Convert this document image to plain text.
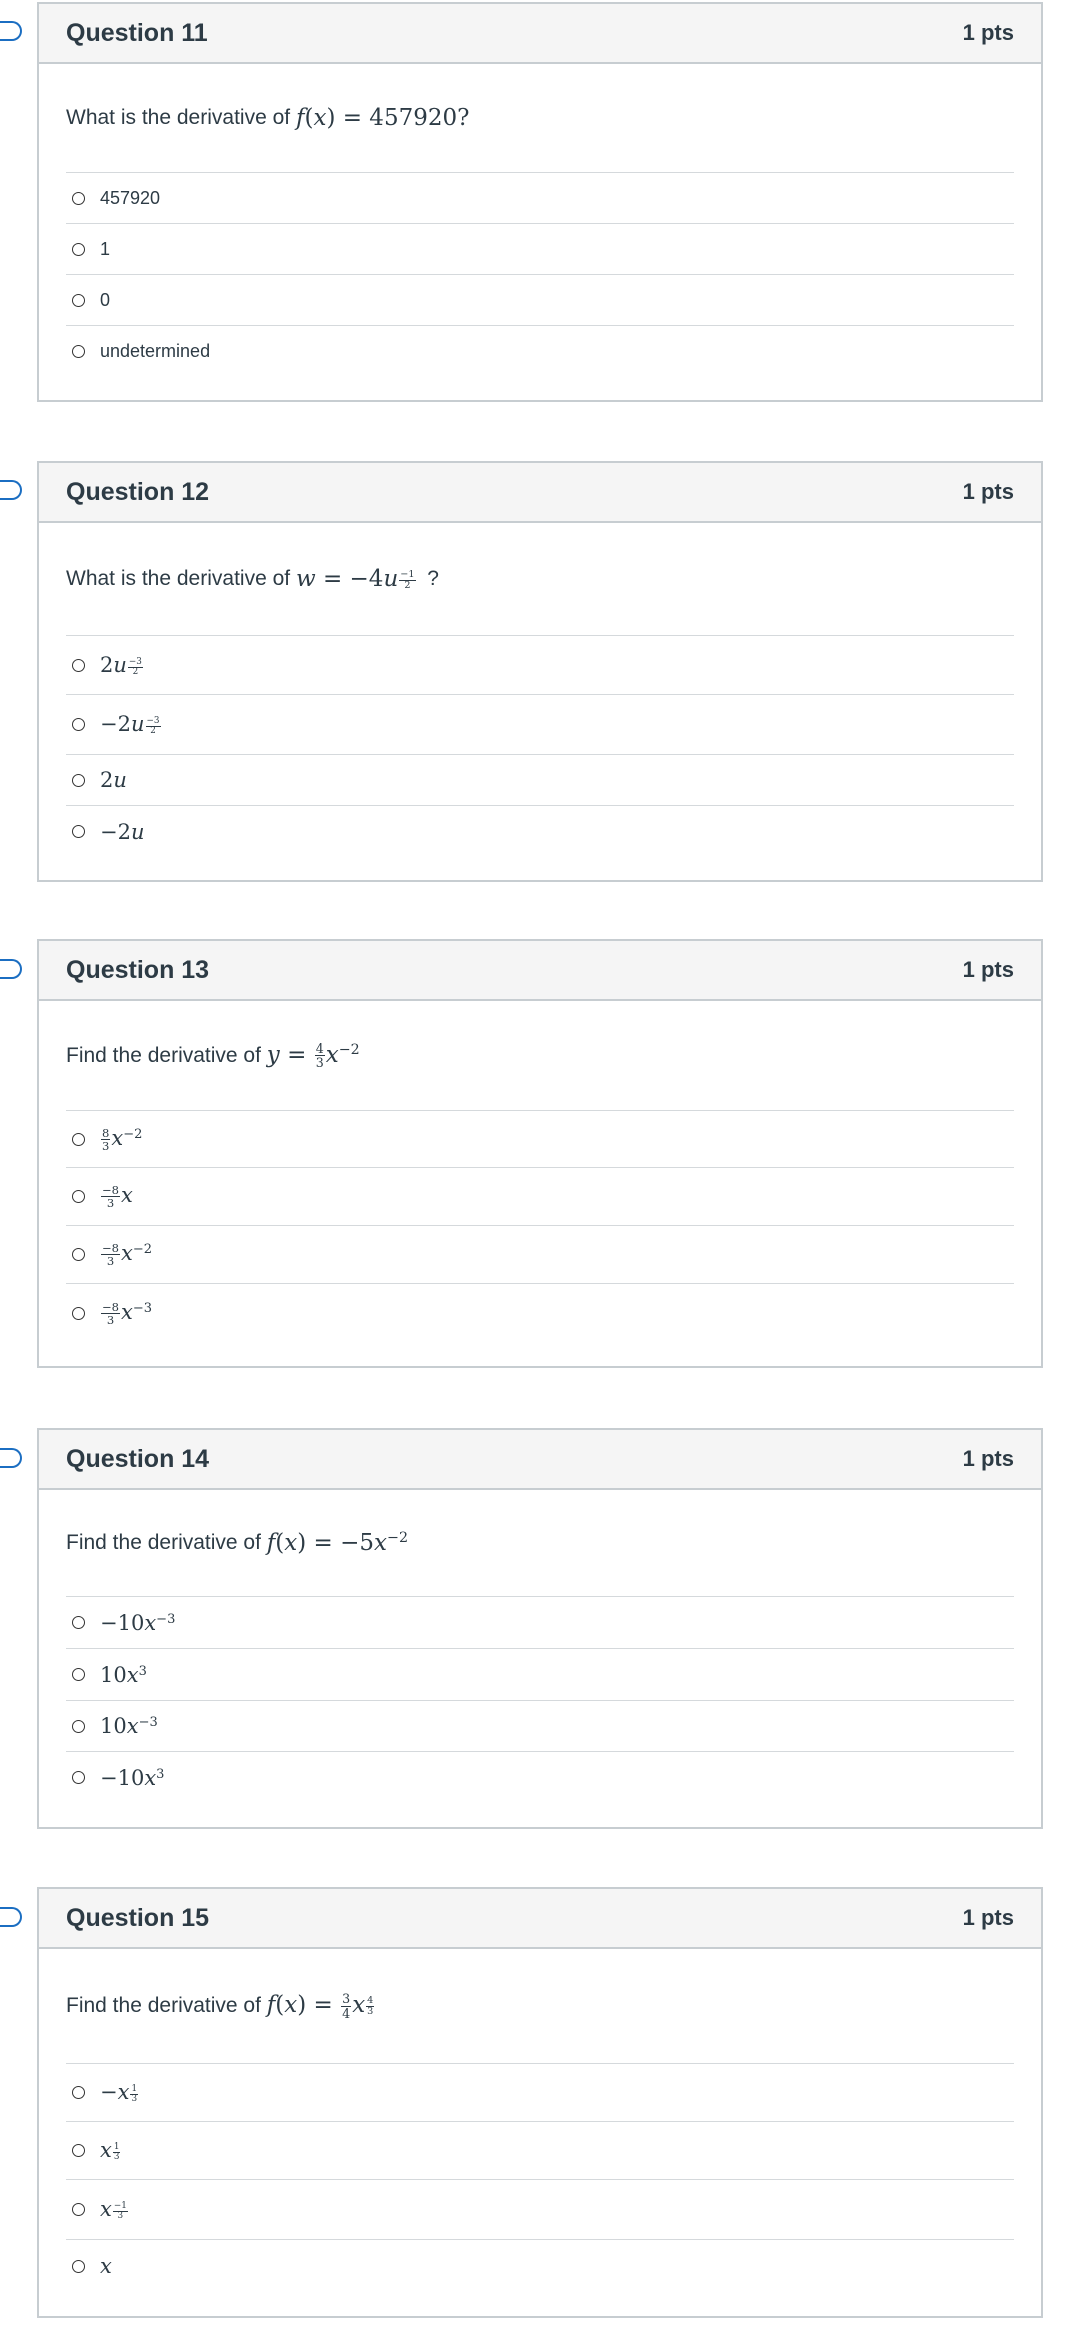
Question 11	1 pts
What is the derivative of
f(x) = 457920?
457920
1
0
undetermined
Question 12	1 pts
What is the derivative of
$w = -4u \frac{-1}{2}$ ?
$2u \frac{-3}{2}$
$-2u \frac{-3}{2}$
2u
−2u
Question 13	1 pts
Find the derivative of
$y = \frac{4}{3} x^{-2}$
$\frac{8}{3} x^{-2}$
$\frac{-8}{3}$ x
$\frac{-8}{3} x^{-2}$
$\frac{-8}{3} x^{-3}$
Question 14	1 pts
Find the derivative of
$f(x) = -5x^{-2}$
$-10x^{-3}$
$10x^3$
$10x^{-3}$
$-10x^3$
Question 15	1 pts
Find the derivative of
$f(x) = \frac{3}{4}$ x $\frac{4}{3}$
$-x \frac{1}{3}$
x $\frac{1}{3}$
x $\frac{-1}{3}$
x
